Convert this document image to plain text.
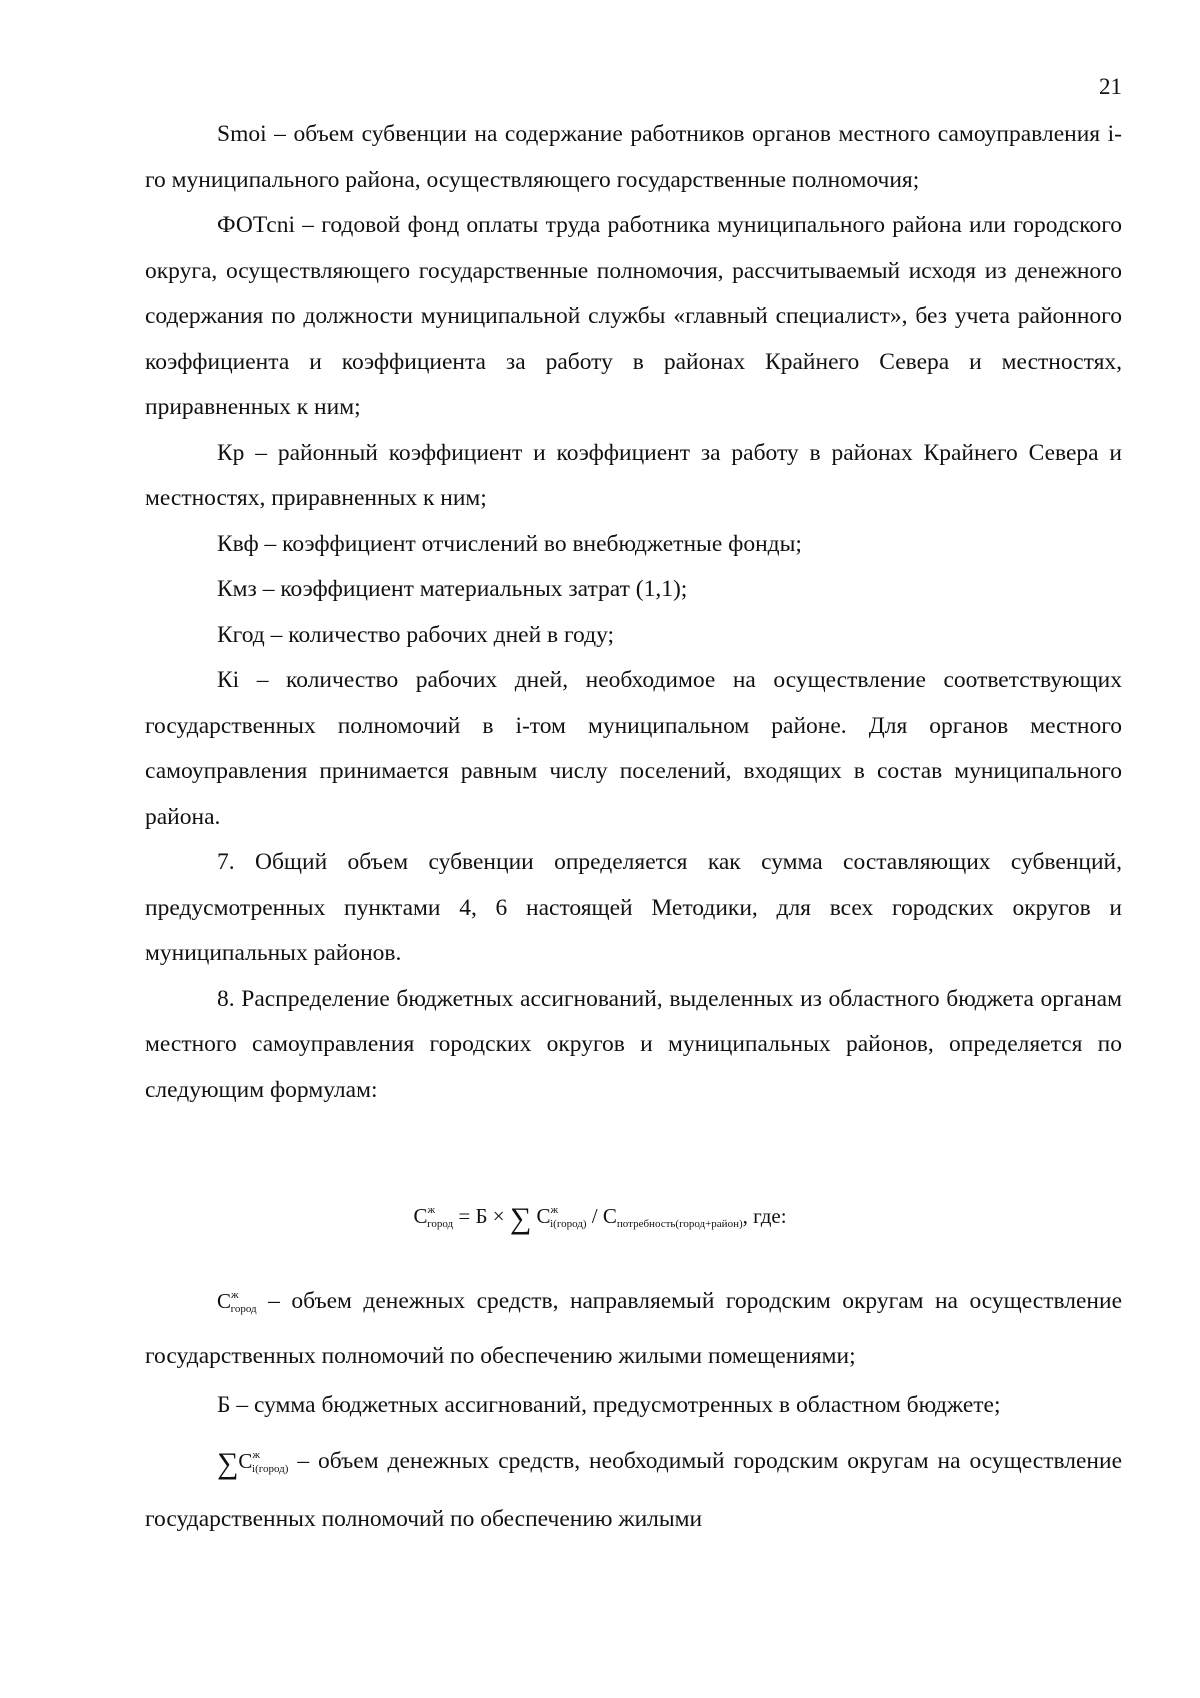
21

Smoi – объем субвенции на содержание работников органов местного самоуправления i-го муниципального района, осуществляющего государственные полномочия;

ФОТсni – годовой фонд оплаты труда работника муниципального района или городского округа, осуществляющего государственные полномочия, рассчитываемый исходя из денежного содержания по должности муниципальной службы «главный специалист», без учета районного коэффициента и коэффициента за работу в районах Крайнего Севера и местностях, приравненных к ним;

Кр – районный коэффициент и коэффициент за работу в районах Крайнего Севера и местностях, приравненных к ним;

Квф – коэффициент отчислений во внебюджетные фонды;

Кмз – коэффициент материальных затрат (1,1);

Кгод – количество рабочих дней в году;

Кi – количество рабочих дней, необходимое на осуществление соответствующих государственных полномочий в i-том муниципальном районе. Для органов местного самоуправления принимается равным числу поселений, входящих в состав муниципального района.

7. Общий объем субвенции определяется как сумма составляющих субвенций, предусмотренных пунктами 4, 6 настоящей Методики, для всех городских округов и муниципальных районов.

8. Распределение бюджетных ассигнований, выделенных из областного бюджета органам местного самоуправления городских округов и муниципальных районов, определяется по следующим формулам:

$C^ж_{город} = Б$ × ∑ $C^ж_{i(город)} / C_{потребность(город+район)}$, где:

$C^ж_{город}$ – объем денежных средств, направляемый городским округам на осуществление государственных полномочий по обеспечению жилыми помещениями;

Б – сумма бюджетных ассигнований, предусмотренных в областном бюджете;

$\sum C^ж_{i(город)}$ – объем денежных средств, необходимый городским округам на осуществление государственных полномочий по обеспечению жилыми
